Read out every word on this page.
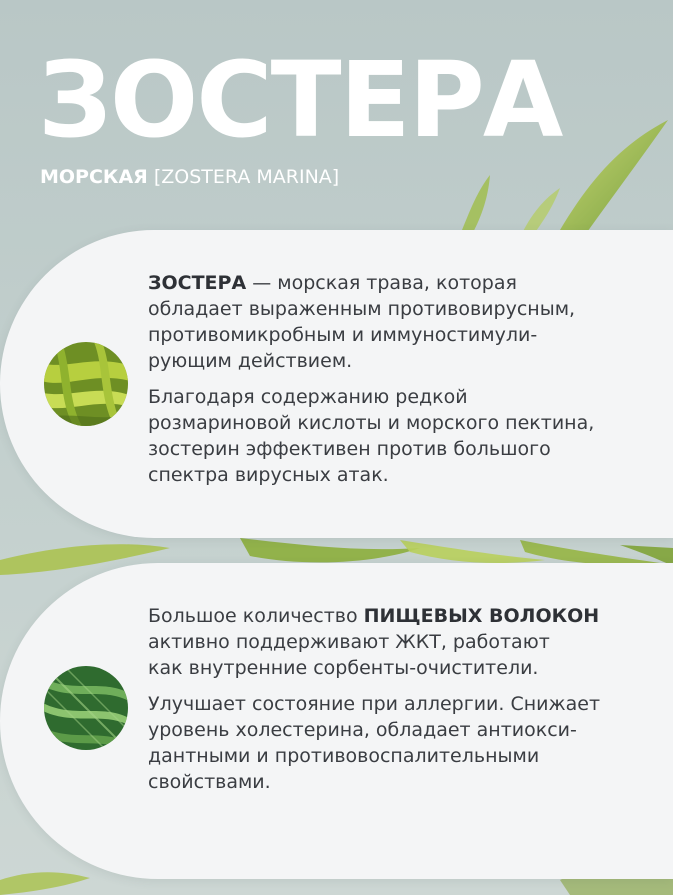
ЗОСТЕРА
МОРСКАЯ [ZOSTERA MARINA]

ЗОСТЕРА — морская трава, которая
обладает выраженным противовирусным,
противомикробным и иммуностимули-
рующим действием.

Благодаря содержанию редкой
розмариновой кислоты и морского пектина,
зостерин эффективен против большого
спектра вирусных атак.

Большое количество ПИЩЕВЫХ ВОЛОКОН
активно поддерживают ЖКТ, работают
как внутренние сорбенты-очистители.

Улучшает состояние при аллергии. Снижает
уровень холестерина, обладает антиокси-
дантными и противовоспалительными
свойствами.
